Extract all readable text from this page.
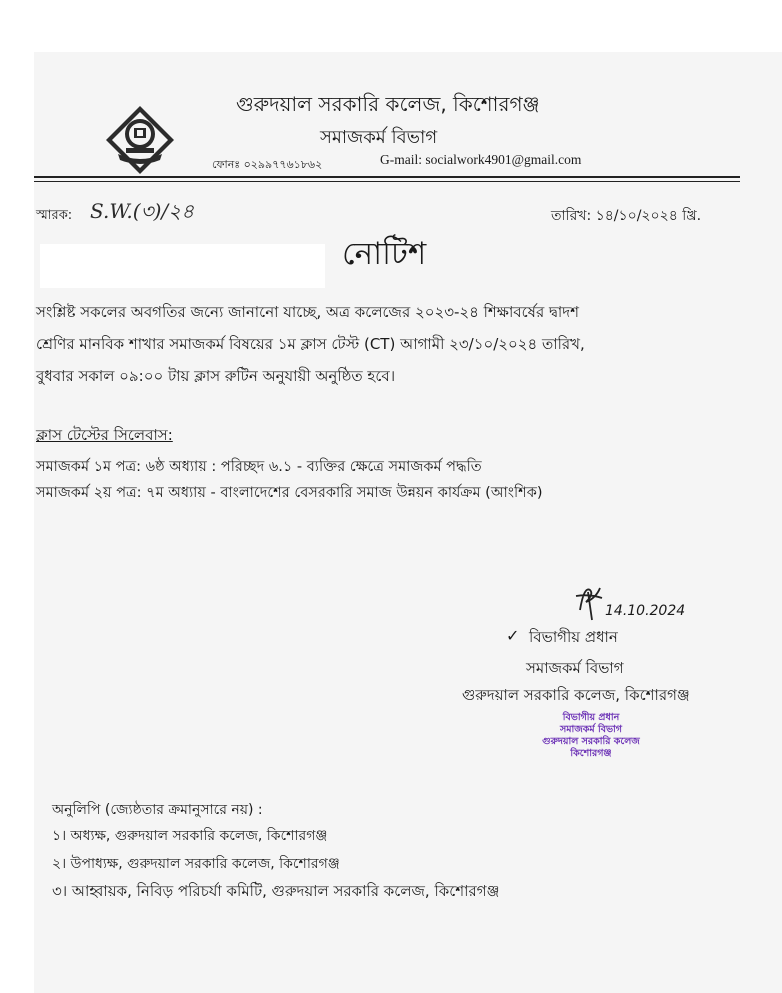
গুরুদয়াল সরকারি কলেজ, কিশোরগঞ্জ
সমাজকর্ম বিভাগ
ফোনঃ ০২৯৯৭৭৬১৮৬২	G-mail: socialwork4901@gmail.com
স্মারক: S.W.(৩)/২৪	তারিখ: ১৪/১০/২০২৪ খ্রি.
নোটিশ
সংশ্লিষ্ট সকলের অবগতির জন্যে জানানো যাচ্ছে, অত্র কলেজের ২০২৩-২৪ শিক্ষাবর্ষের দ্বাদশ
শ্রেণির মানবিক শাখার সমাজকর্ম বিষয়ের ১ম ক্লাস টেস্ট (CT) আগামী ২৩/১০/২০২৪ তারিখ,
বুধবার সকাল ০৯:০০ টায় ক্লাস রুটিন অনুযায়ী অনুষ্ঠিত হবে।
ক্লাস টেস্টের সিলেবাস:
সমাজকর্ম ১ম পত্র: ৬ষ্ঠ অধ্যায় : পরিচ্ছদ ৬.১ - ব্যক্তির ক্ষেত্রে সমাজকর্ম পদ্ধতি
সমাজকর্ম ২য় পত্র: ৭ম অধ্যায় - বাংলাদেশের বেসরকারি সমাজ উন্নয়ন কার্যক্রম (আংশিক)
14.10.2024
✓ বিভাগীয় প্রধান
সমাজকর্ম বিভাগ
গুরুদয়াল সরকারি কলেজ, কিশোরগঞ্জ
বিভাগীয় প্রধান
সমাজকর্ম বিভাগ
গুরুদয়াল সরকারি কলেজ
কিশোরগঞ্জ
অনুলিপি (জ্যেষ্ঠতার ক্রমানুসারে নয়) :
১। অধ্যক্ষ, গুরুদয়াল সরকারি কলেজ, কিশোরগঞ্জ
২। উপাধ্যক্ষ, গুরুদয়াল সরকারি কলেজ, কিশোরগঞ্জ
৩। আহ্বায়ক, নিবিড় পরিচর্যা কমিটি, গুরুদয়াল সরকারি কলেজ, কিশোরগঞ্জ
